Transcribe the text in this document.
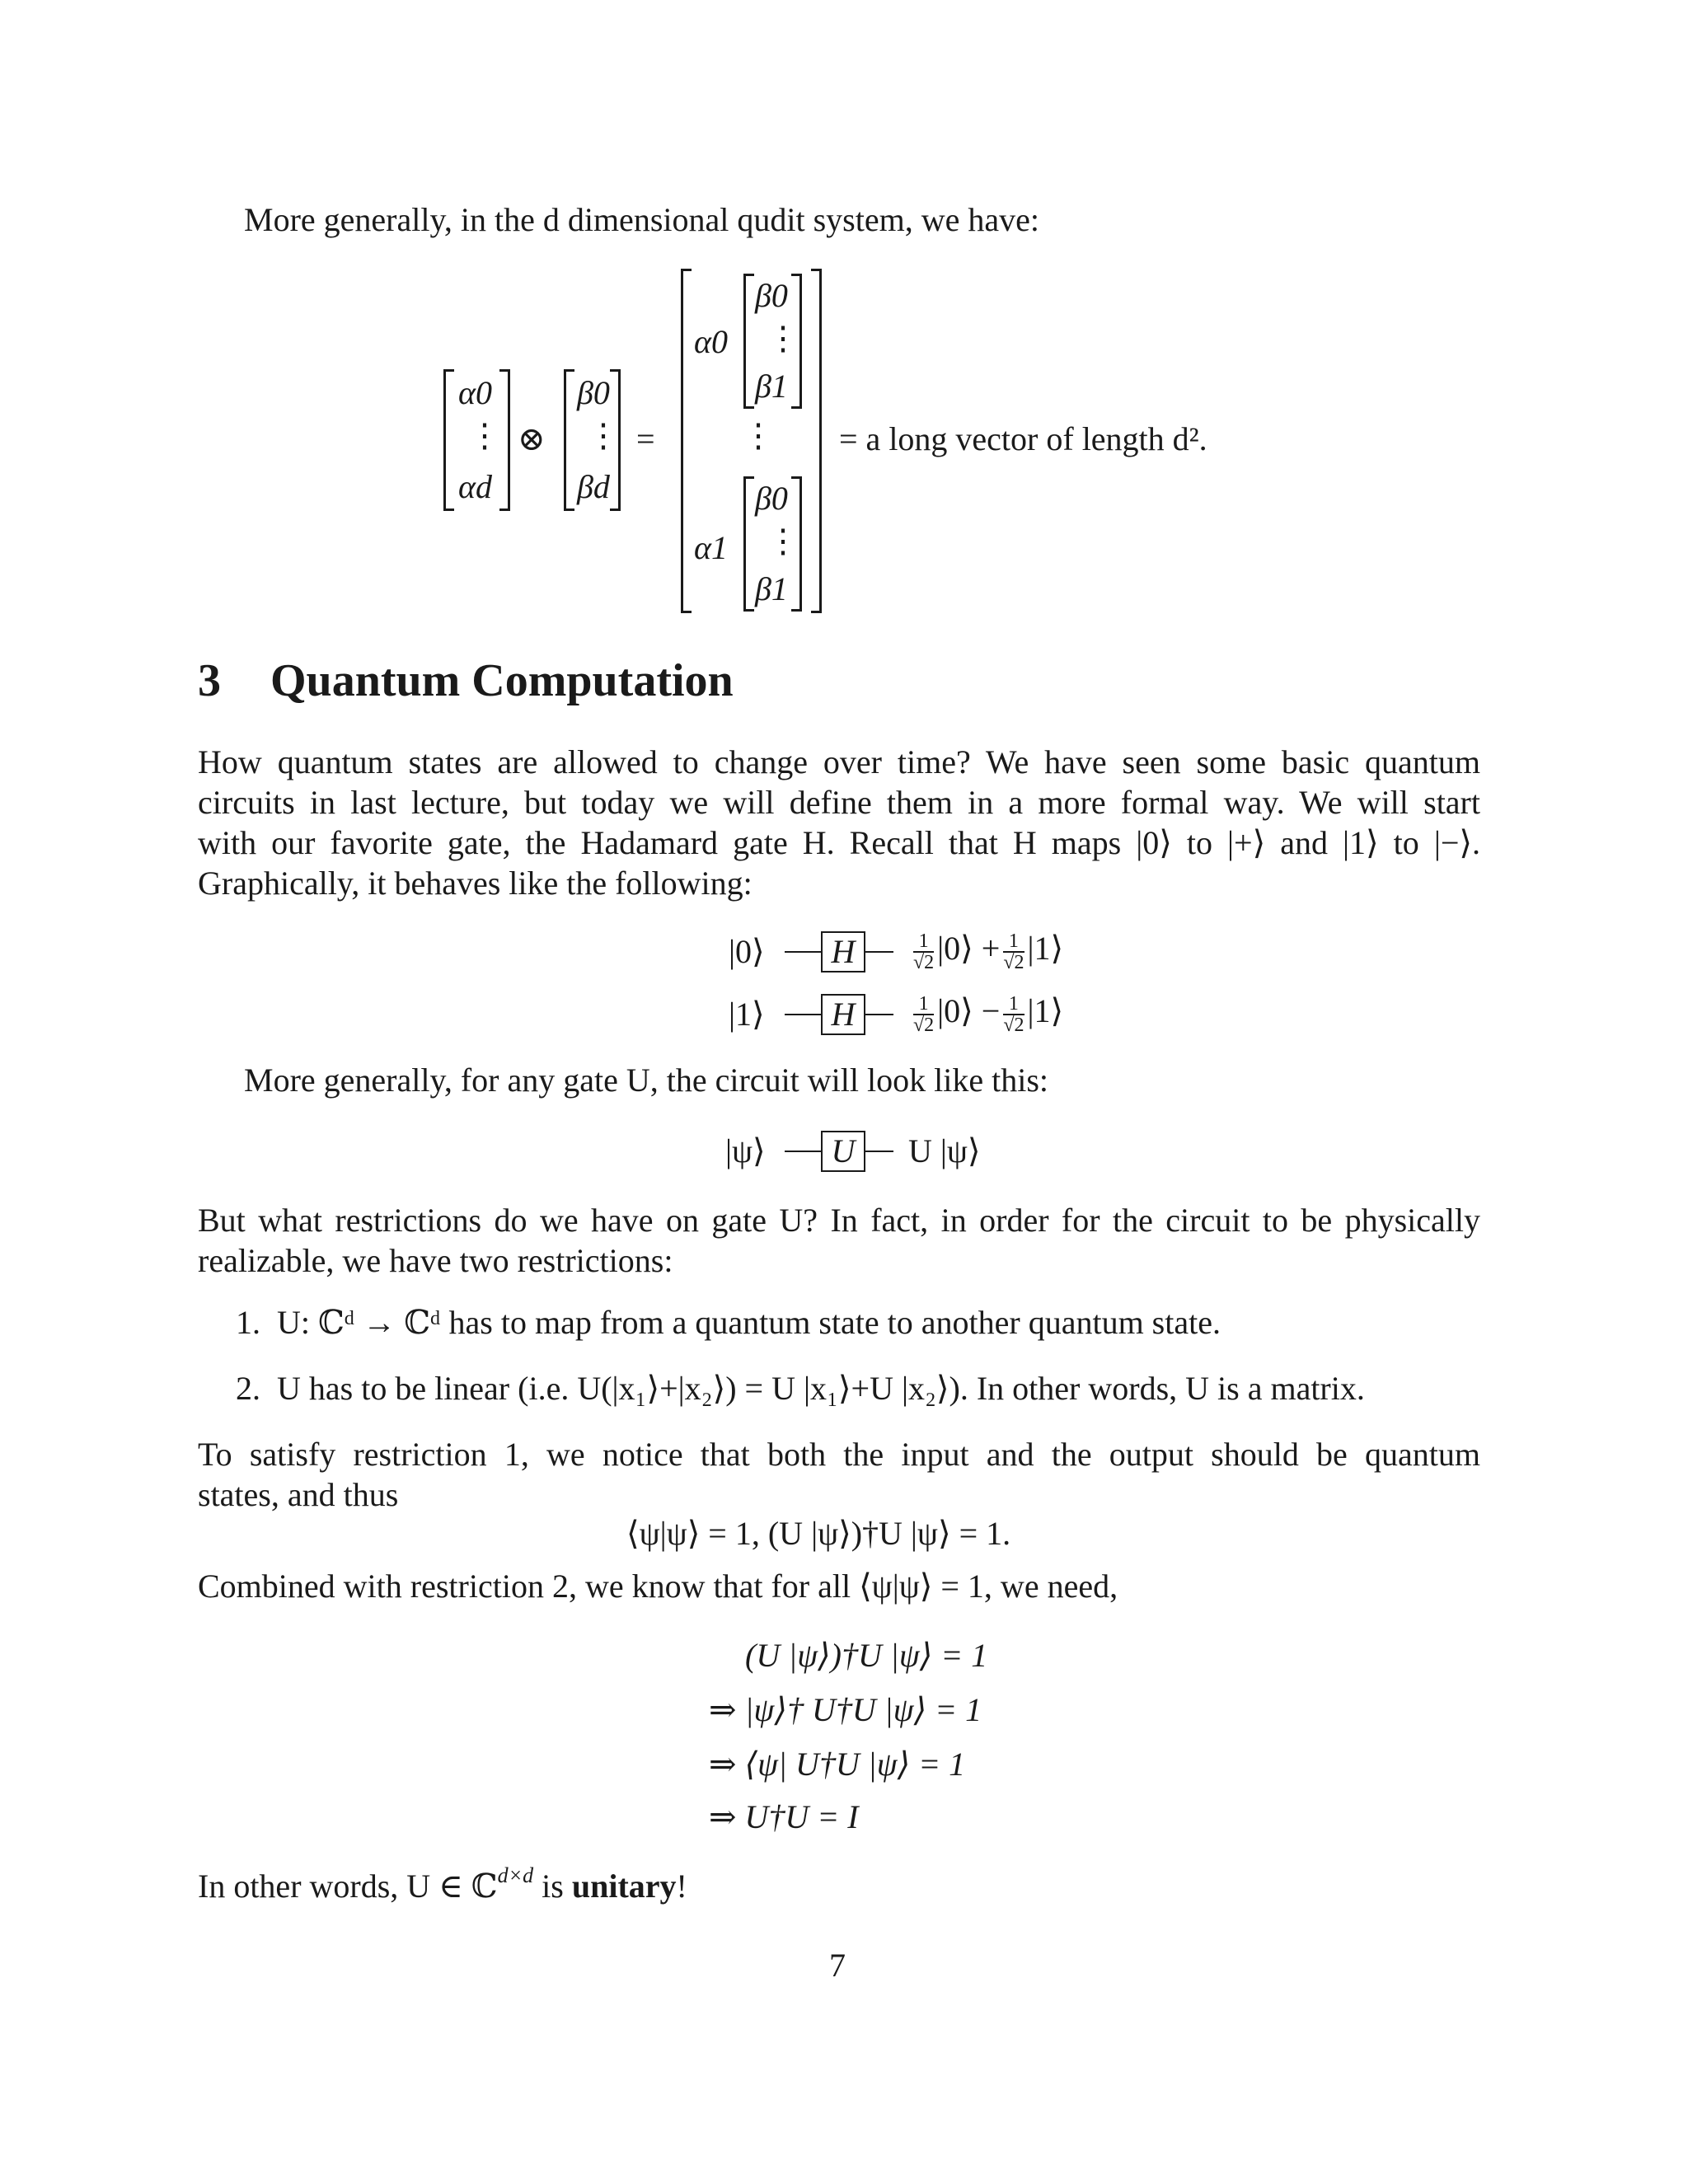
More generally, in the d dimensional qudit system, we have:
α0
⋮
αd
⊗
β0
⋮
βd
=
α0
β0
⋮
β1
⋮
α1
β0
⋮
β1
= a long vector of length d².
3 Quantum Computation
How quantum states are allowed to change over time? We have seen some basic quantum
circuits in last lecture, but today we will define them in a more formal way. We will start
with our favorite gate, the Hadamard gate H. Recall that H maps |0⟩ to |+⟩ and |1⟩ to |−⟩.
Graphically, it behaves like the following:
|0⟩	H	$\frac{1}{√2}$ |0⟩ + $\frac{1}{√2}$ |1⟩
|1⟩	H	$\frac{1}{√2}$ |0⟩ − $\frac{1}{√2}$ |1⟩
More generally, for any gate U, the circuit will look like this:
|ψ⟩	U	U |ψ⟩
But what restrictions do we have on gate U? In fact, in order for the circuit to be physically
realizable, we have two restrictions:
1. U: ℂᵈ → ℂᵈ has to map from a quantum state to another quantum state.
2. U has to be linear (i.e. U(|x₁⟩+|x₂⟩) = U |x₁⟩+U |x₂⟩). In other words, U is a matrix.
To satisfy restriction 1, we notice that both the input and the output should be quantum
states, and thus
⟨ψ|ψ⟩ = 1, (U |ψ⟩)†U |ψ⟩ = 1.
Combined with restriction 2, we know that for all ⟨ψ|ψ⟩ = 1, we need,
(U |ψ⟩)†U |ψ⟩ = 1
⇒ |ψ⟩† U†U |ψ⟩ = 1
⇒ ⟨ψ| U†U |ψ⟩ = 1
⇒ U†U = I
In other words, U ∈ ℂ$^{d\times d}$ is unitary!
7
